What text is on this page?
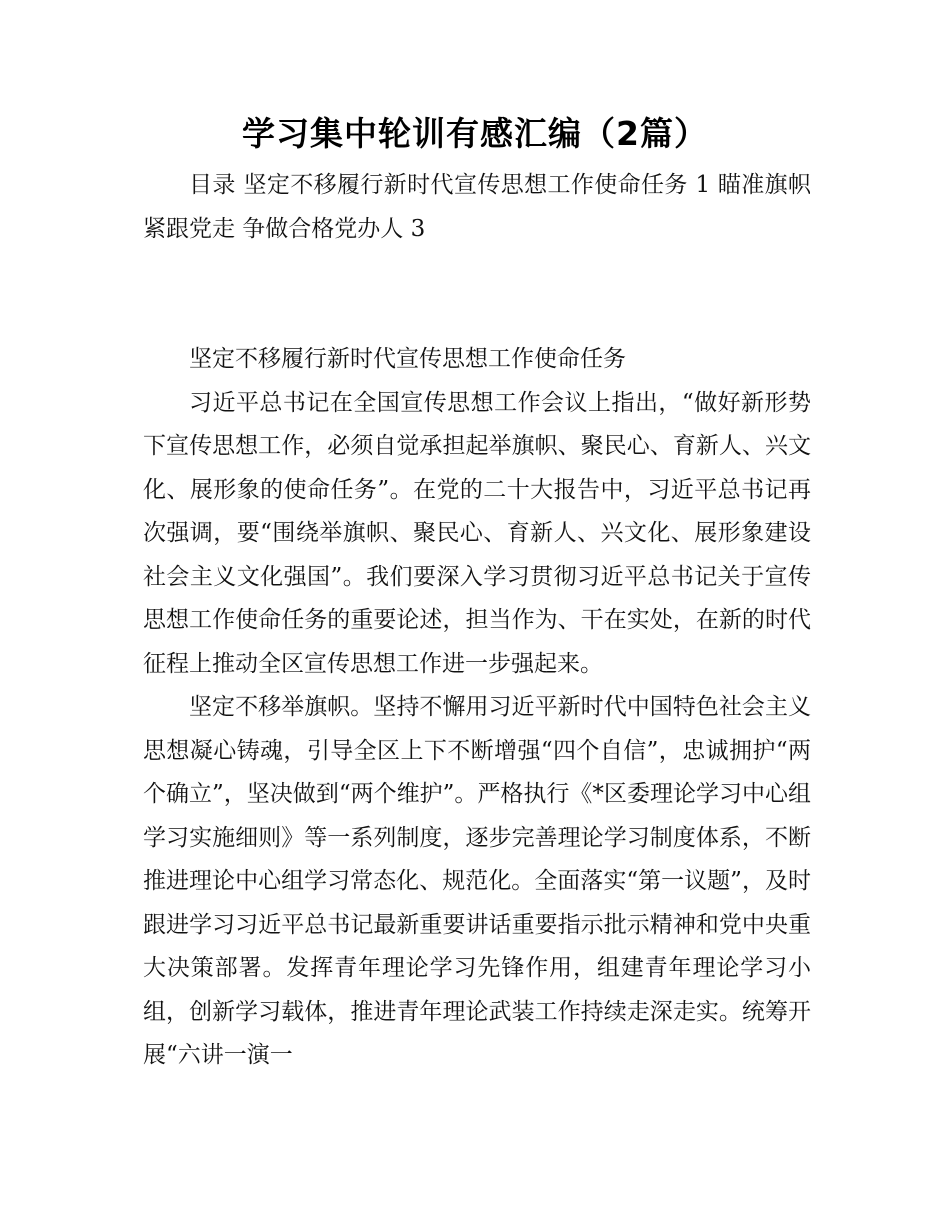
学习集中轮训有感汇编（2篇）

目录 坚定不移履行新时代宣传思想工作使命任务 1 瞄准旗帜 紧跟党走 争做合格党办人 3

坚定不移履行新时代宣传思想工作使命任务

习近平总书记在全国宣传思想工作会议上指出，“做好新形势下宣传思想工作，必须自觉承担起举旗帜、聚民心、育新人、兴文化、展形象的使命任务”。在党的二十大报告中，习近平总书记再次强调，要“围绕举旗帜、聚民心、育新人、兴文化、展形象建设社会主义文化强国”。我们要深入学习贯彻习近平总书记关于宣传思想工作使命任务的重要论述，担当作为、干在实处，在新的时代征程上推动全区宣传思想工作进一步强起来。

坚定不移举旗帜。坚持不懈用习近平新时代中国特色社会主义思想凝心铸魂，引导全区上下不断增强“四个自信”，忠诚拥护“两个确立”，坚决做到“两个维护”。严格执行《*区委理论学习中心组学习实施细则》等一系列制度，逐步完善理论学习制度体系，不断推进理论中心组学习常态化、规范化。全面落实“第一议题”，及时跟进学习习近平总书记最新重要讲话重要指示批示精神和党中央重大决策部署。发挥青年理论学习先锋作用，组建青年理论学习小组，创新学习载体，推进青年理论武装工作持续走深走实。统筹开展“六讲一演一
